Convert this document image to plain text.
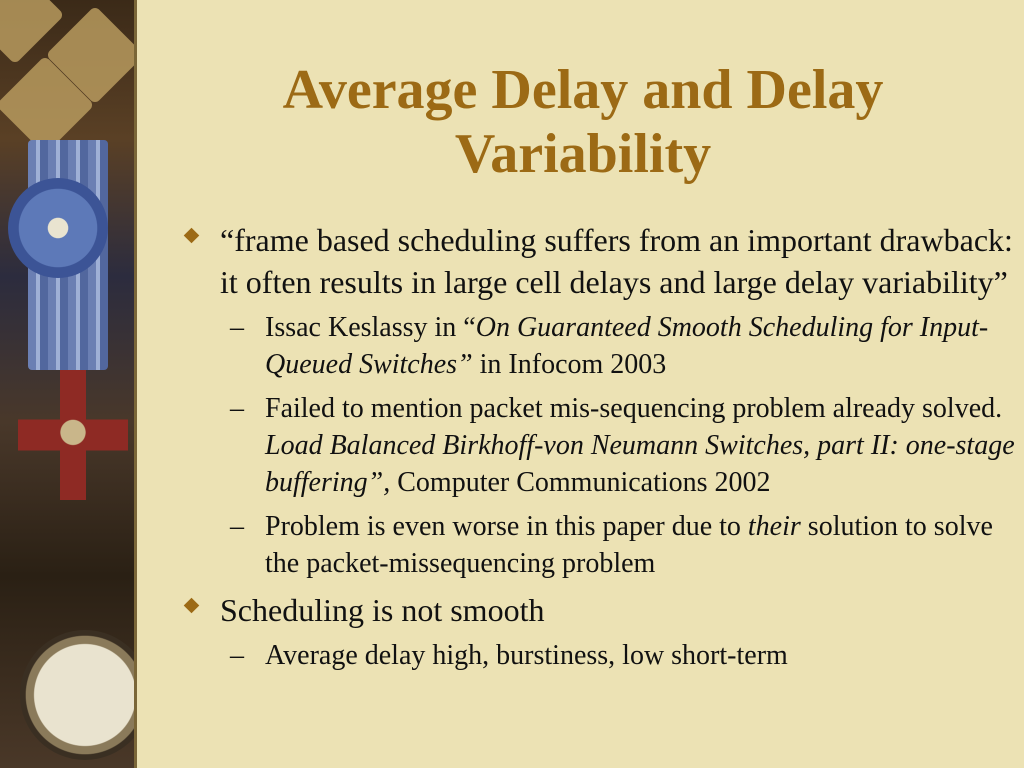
Average Delay and Delay
Variability
“frame based scheduling suffers from an important drawback: it often results in large cell delays and large delay variability”
– Issac Keslassy in “On Guaranteed Smooth Scheduling for Input-Queued Switches” in Infocom 2003
– Failed to mention packet mis-sequencing problem already solved. Load Balanced Birkhoff-von Neumann Switches, part II: one-stage buffering”, Computer Communications 2002
– Problem is even worse in this paper due to their solution to solve the packet-missequencing problem
Scheduling is not smooth
– Average delay high, burstiness, low short-term
